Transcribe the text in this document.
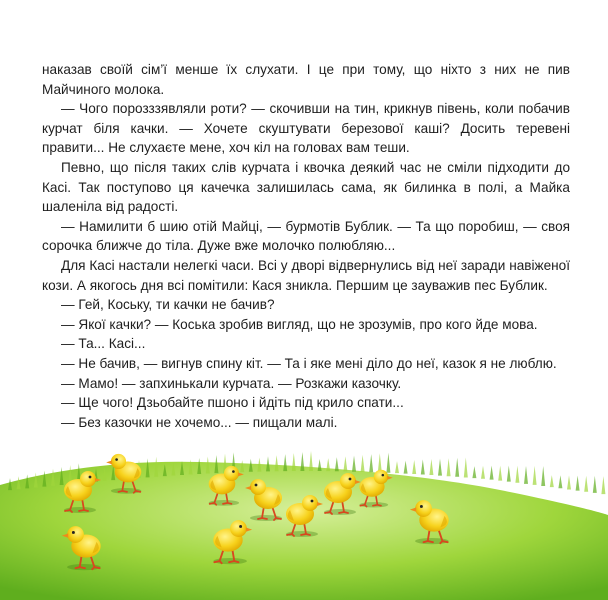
наказав своїй сім’ї менше їх слухати. І це при тому, що ніхто з них не пив Майчиного молока.

— Чого порозззявляли роти? — скочивши на тин, крикнув півень, коли побачив курчат біля качки. — Хочете скуштувати березової каші? Досить теревені правити... Не слухаєте мене, хоч кіл на головах вам теши.

Певно, що після таких слів курчата і квочка деякий час не сміли підходити до Касі. Так поступово ця качечка залишилась сама, як билинка в полі, а Майка шаленіла від радості.

— Намилити б шию отій Майці, — бурмотів Бублик. — Та що поробиш, — своя сорочка ближче до тіла. Дуже вже молочко полюбляю...

Для Касі настали нелегкі часи. Всі у дворі відвернулись від неї заради навіженої кози. А якогось дня всі помітили: Кася зникла. Першим це зауважив пес Бублик.

— Гей, Коську, ти качки не бачив?

— Якої качки? — Коська зробив вигляд, що не зрозумів, про кого йде мова.

— Та... Касі...

— Не бачив, — вигнув спину кіт. — Та і яке мені діло до неї, казок я не люблю.

— Мамо! — запхинькали курчата. — Розкажи казочку.

— Ще чого! Дзьобайте пшоно і йдіть під крило спати...

— Без казочки не хочемо... — пищали малі.
